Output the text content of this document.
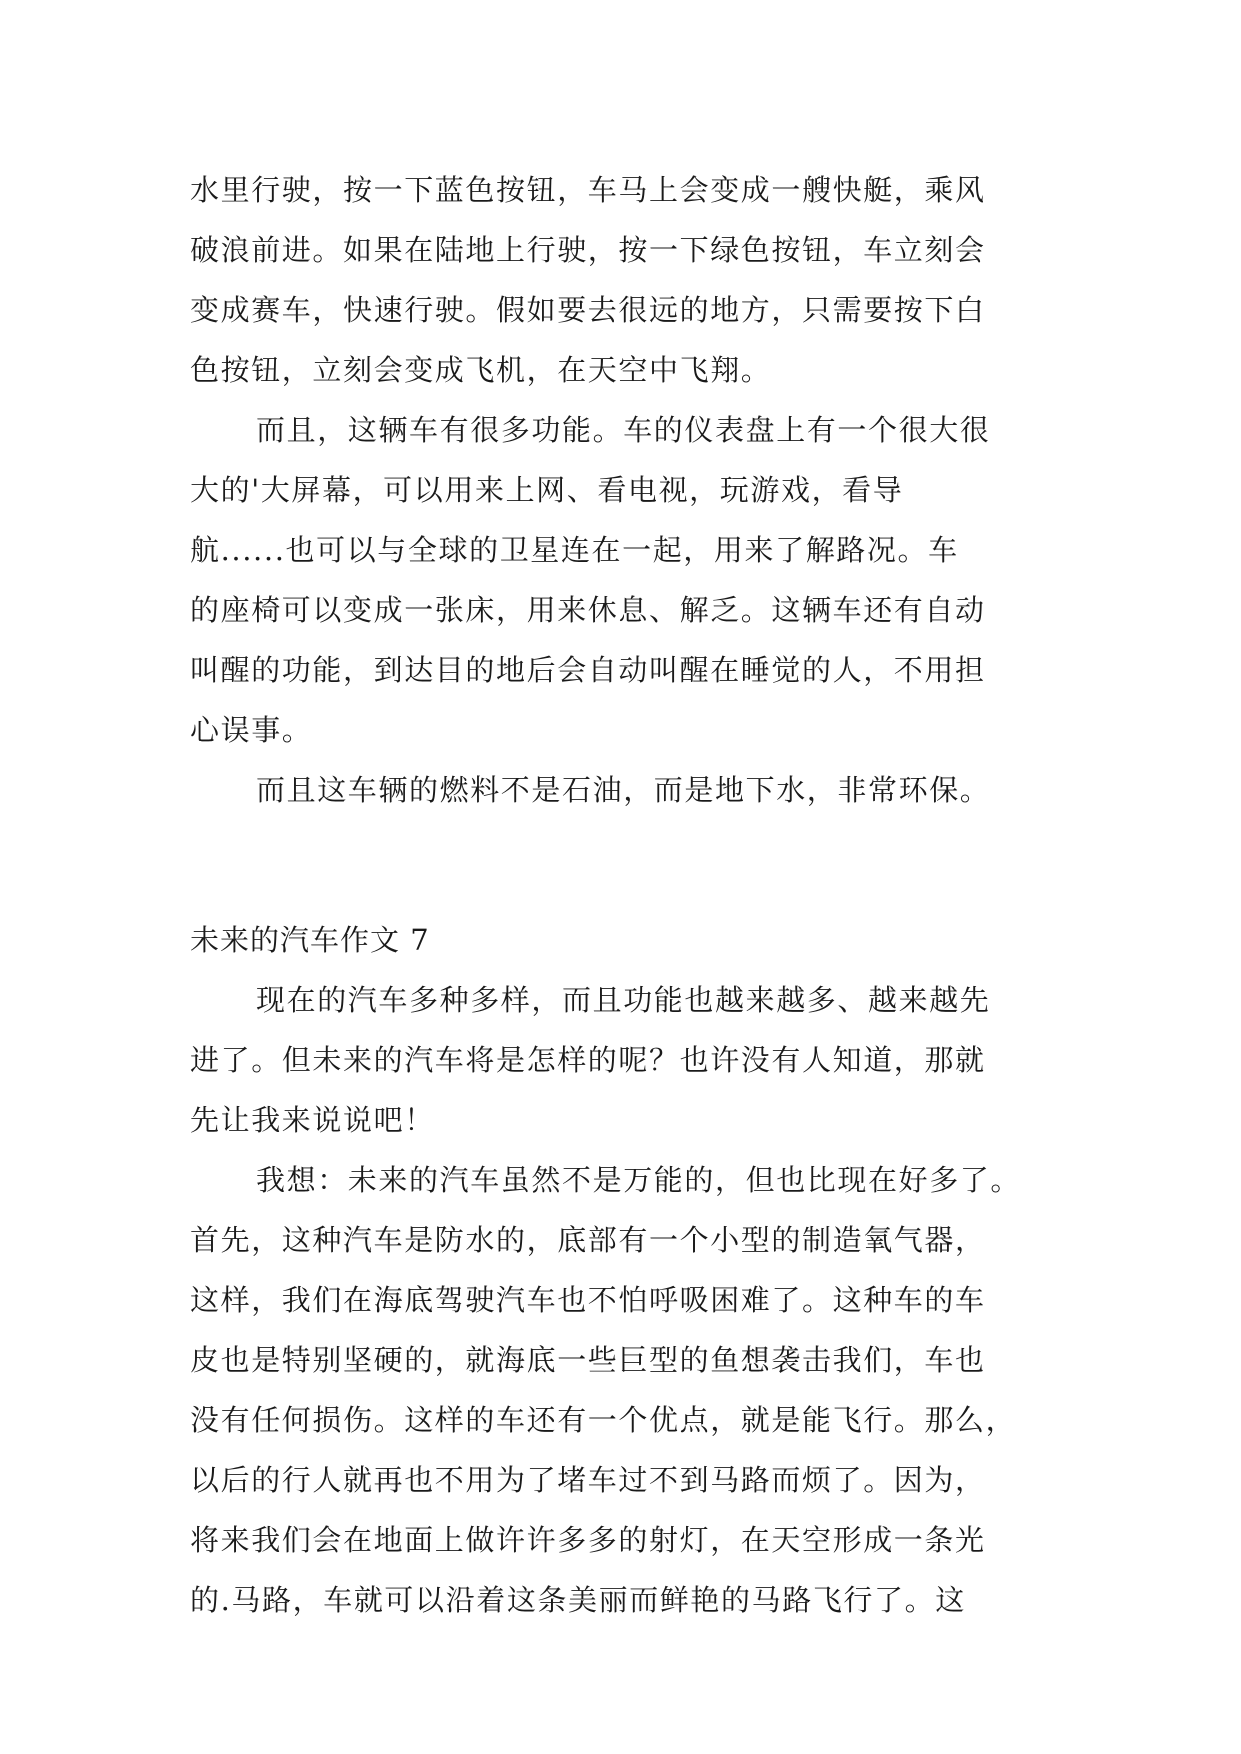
水里行驶，按一下蓝色按钮，车马上会变成一艘快艇，乘风
破浪前进。如果在陆地上行驶，按一下绿色按钮，车立刻会
变成赛车，快速行驶。假如要去很远的地方，只需要按下白
色按钮，立刻会变成飞机，在天空中飞翔。
而且，这辆车有很多功能。车的仪表盘上有一个很大很
大的'大屏幕，可以用来上网、看电视，玩游戏，看导
航......也可以与全球的卫星连在一起，用来了解路况。车
的座椅可以变成一张床，用来休息、解乏。这辆车还有自动
叫醒的功能，到达目的地后会自动叫醒在睡觉的人，不用担
心误事。
而且这车辆的燃料不是石油，而是地下水，非常环保。
未来的汽车作文 7
现在的汽车多种多样，而且功能也越来越多、越来越先
进了。但未来的汽车将是怎样的呢？也许没有人知道，那就
先让我来说说吧！
我想：未来的汽车虽然不是万能的，但也比现在好多了。
首先，这种汽车是防水的，底部有一个小型的制造氧气器，
这样，我们在海底驾驶汽车也不怕呼吸困难了。这种车的车
皮也是特别坚硬的，就海底一些巨型的鱼想袭击我们，车也
没有任何损伤。这样的车还有一个优点，就是能飞行。那么，
以后的行人就再也不用为了堵车过不到马路而烦了。因为，
将来我们会在地面上做许许多多的射灯，在天空形成一条光
的.马路，车就可以沿着这条美丽而鲜艳的马路飞行了。这
